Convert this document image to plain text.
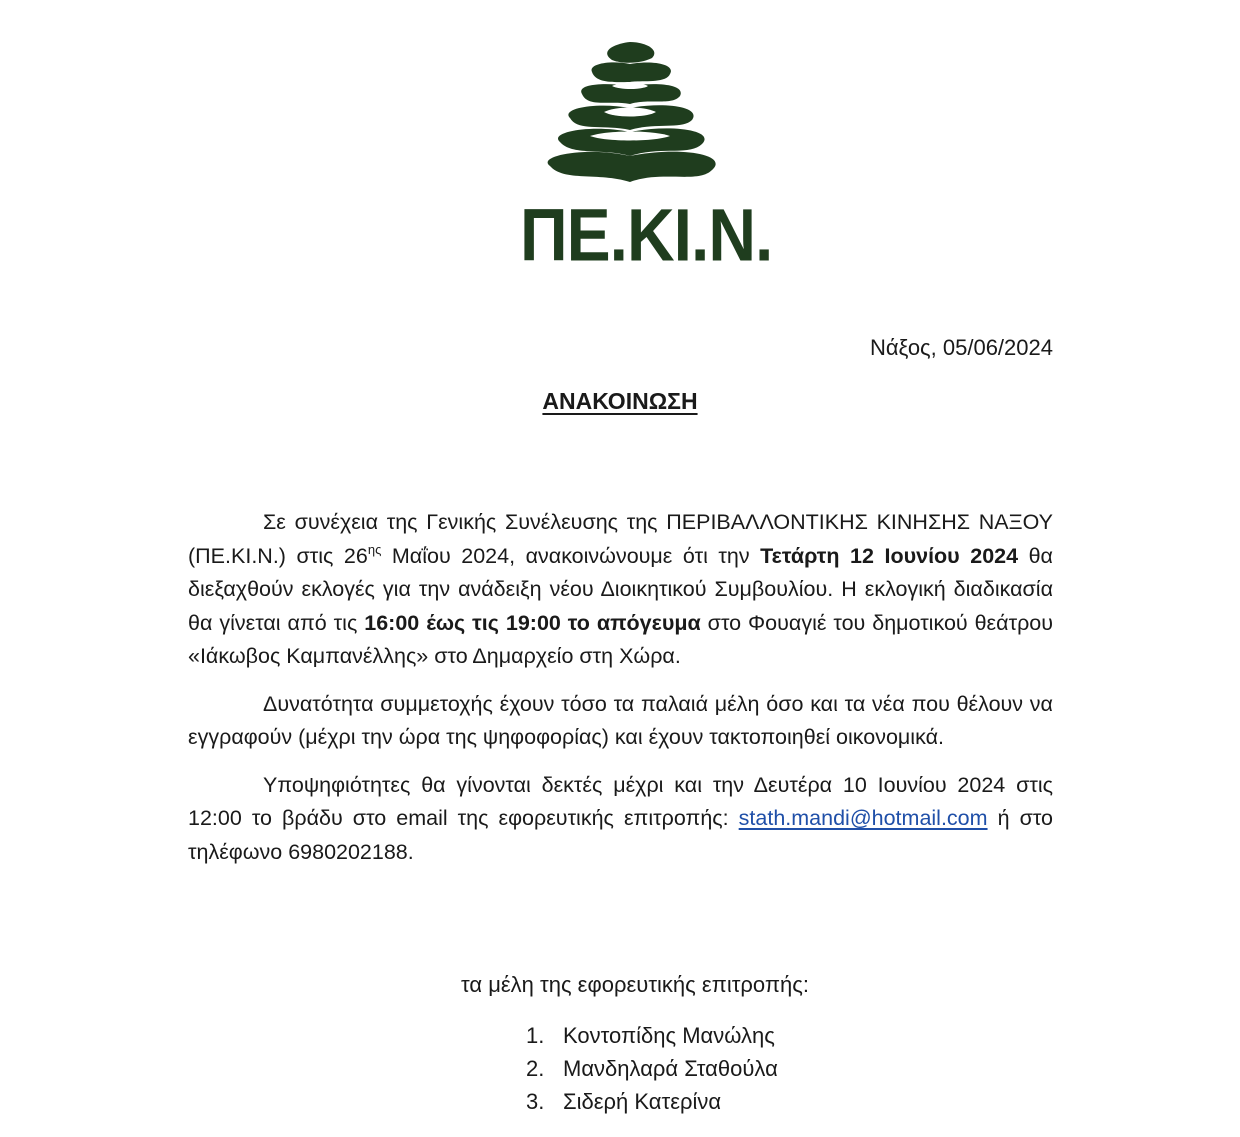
ΠΕ.ΚΙ.Ν.
Νάξος, 05/06/2024
ΑΝΑΚΟΙΝΩΣΗ

Σε συνέχεια της Γενικής Συνέλευσης της ΠΕΡΙΒΑΛΛΟΝΤΙΚΗΣ ΚΙΝΗΣΗΣ ΝΑΞΟΥ (ΠΕ.ΚΙ.Ν.) στις $26^{\eta\varsigma}$ Μαΐου 2024, ανακοινώνουμε ότι την Τετάρτη 12 Ιουνίου 2024 θα διεξαχθούν εκλογές για την ανάδειξη νέου Διοικητικού Συμβουλίου. Η εκλογική διαδικασία θα γίνεται από τις 16:00 έως τις 19:00 το απόγευμα στο Φουαγιέ του δημοτικού θεάτρου «Ιάκωβος Καμπανέλλης» στο Δημαρχείο στη Χώρα.

Δυνατότητα συμμετοχής έχουν τόσο τα παλαιά μέλη όσο και τα νέα που θέλουν να εγγραφούν (μέχρι την ώρα της ψηφοφορίας) και έχουν τακτοποιηθεί οικονομικά.

Υποψηφιότητες θα γίνονται δεκτές μέχρι και την Δευτέρα 10 Ιουνίου 2024 στις 12:00 το βράδυ στο email της εφορευτικής επιτροπής: stath.mandi@hotmail.com ή στο τηλέφωνο 6980202188.

τα μέλη της εφορευτικής επιτροπής:
1. Κοντοπίδης Μανώλης
2. Μανδηλαρά Σταθούλα
3. Σιδερή Κατερίνα
